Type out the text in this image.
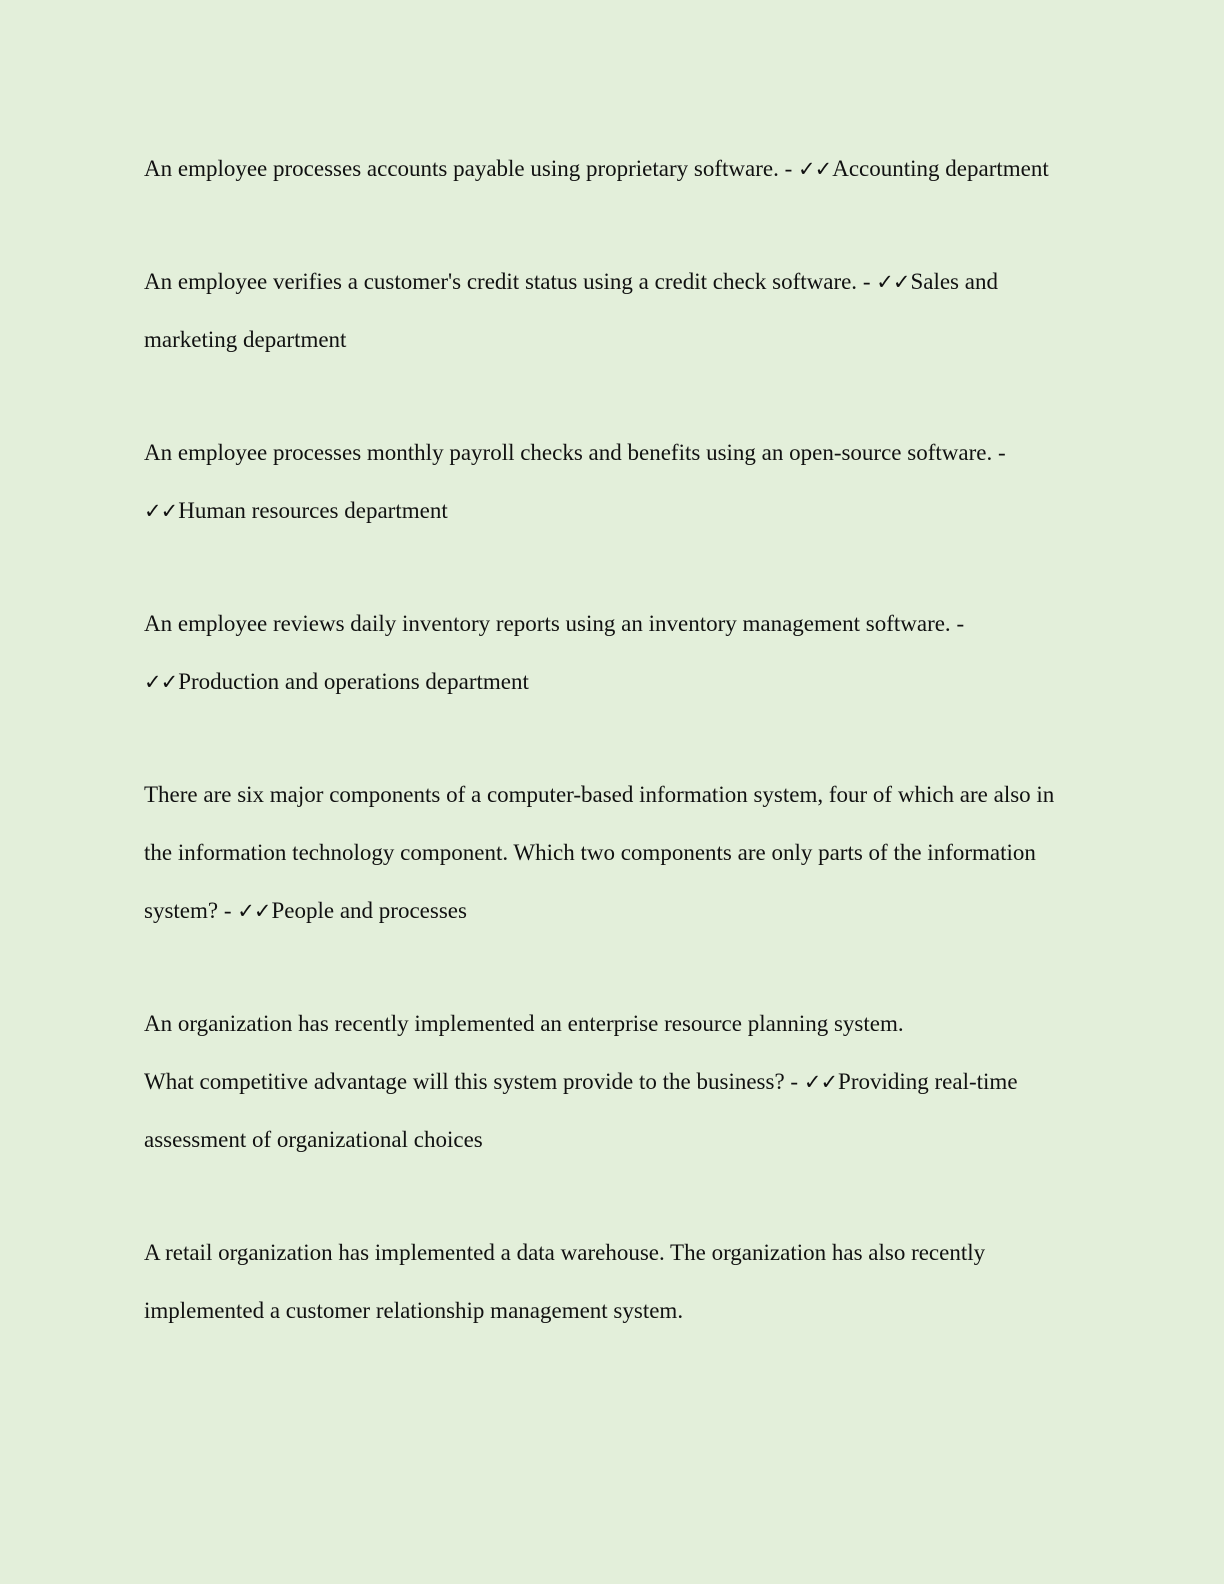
An employee processes accounts payable using proprietary software. - ✓✓Accounting department

An employee verifies a customer's credit status using a credit check software. - ✓✓Sales and marketing department

An employee processes monthly payroll checks and benefits using an open-source software. -
✓✓Human resources department

An employee reviews daily inventory reports using an inventory management software. -
✓✓Production and operations department

There are six major components of a computer-based information system, four of which are also in the information technology component. Which two components are only parts of the information system? - ✓✓People and processes

An organization has recently implemented an enterprise resource planning system.
What competitive advantage will this system provide to the business? - ✓✓Providing real-time assessment of organizational choices

A retail organization has implemented a data warehouse. The organization has also recently implemented a customer relationship management system.
